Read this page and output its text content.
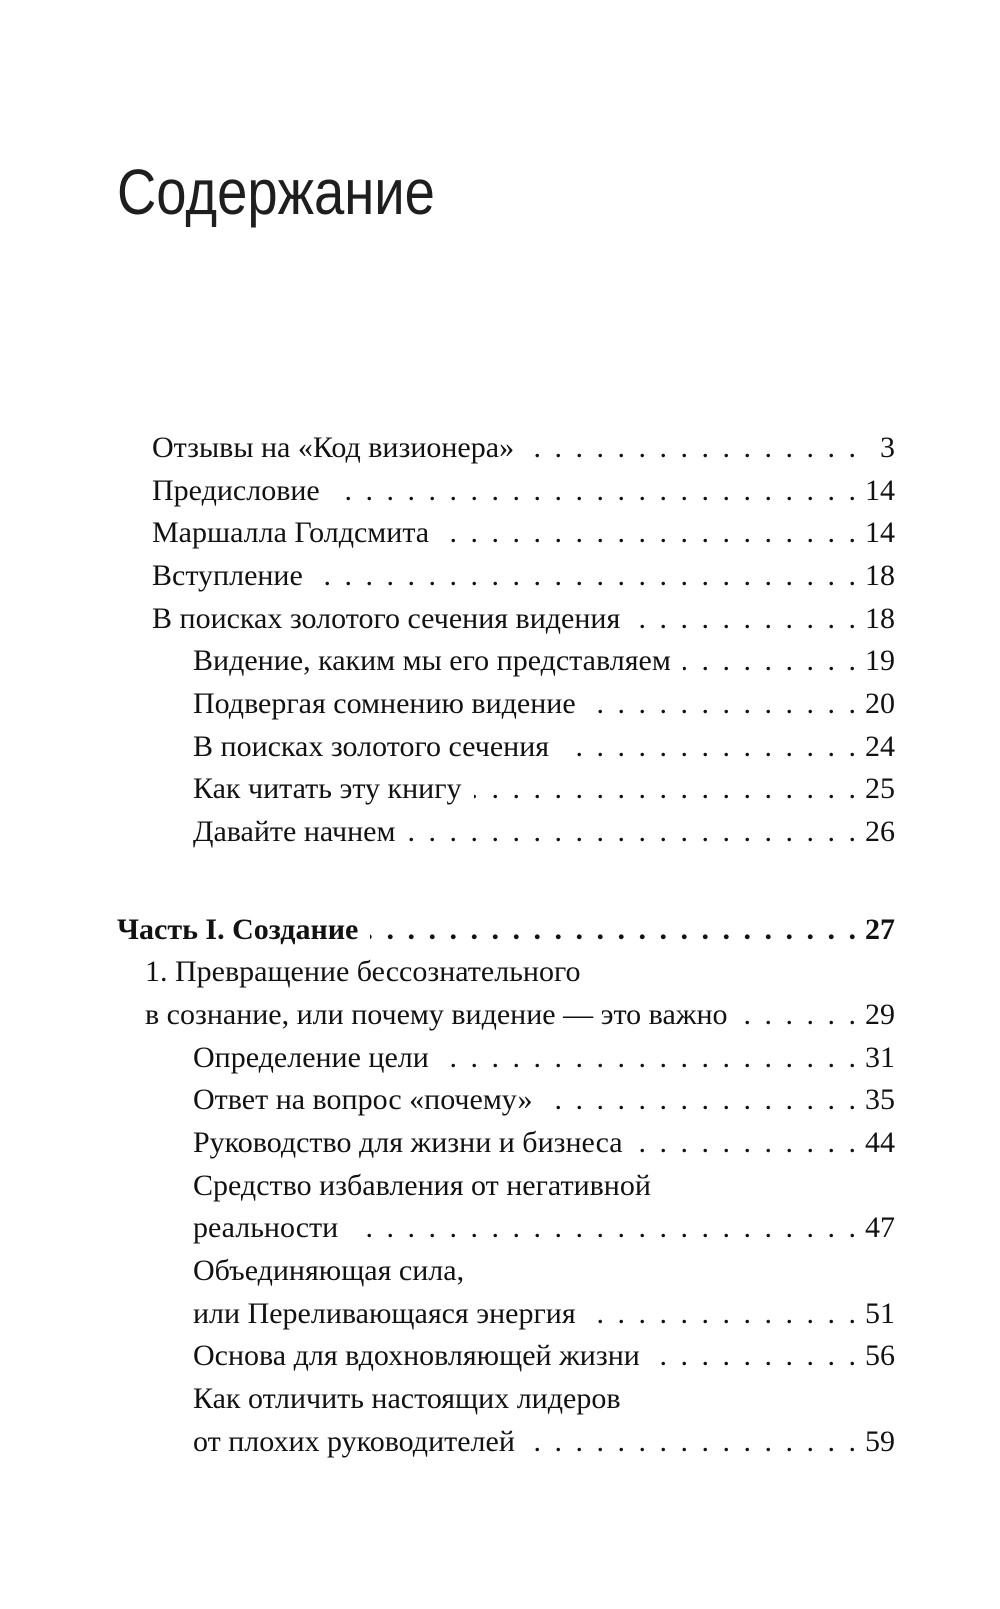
Содержание
. . .
Отзывы на «Код визионера»	3
. . .
Предисловие	14
. . .
Маршалла Голдсмита	14
. . .
Вступление	18
. . .
В поисках золотого сечения видения	18
. . .
Видение, каким мы его представляем	19
. . .
Подвергая сомнению видение	20
. . .
В поисках золотого сечения	24
. . .
Как читать эту книгу	25
. . .
Давайте начнем	26
. . .
Часть I. Создание	27
1. Превращение бессознательного
. . .
в сознание, или почему видение — это важно	29
. . .
Определение цели	31
. . .
Ответ на вопрос «почему»	35
. . .
Руководство для жизни и бизнеса	44
Средство избавления от негативной
. . .
реальности	47
Объединяющая сила,
. . .
или Переливающаяся энергия	51
. . .
Основа для вдохновляющей жизни	56
Как отличить настоящих лидеров
. . .
от плохих руководителей	59
